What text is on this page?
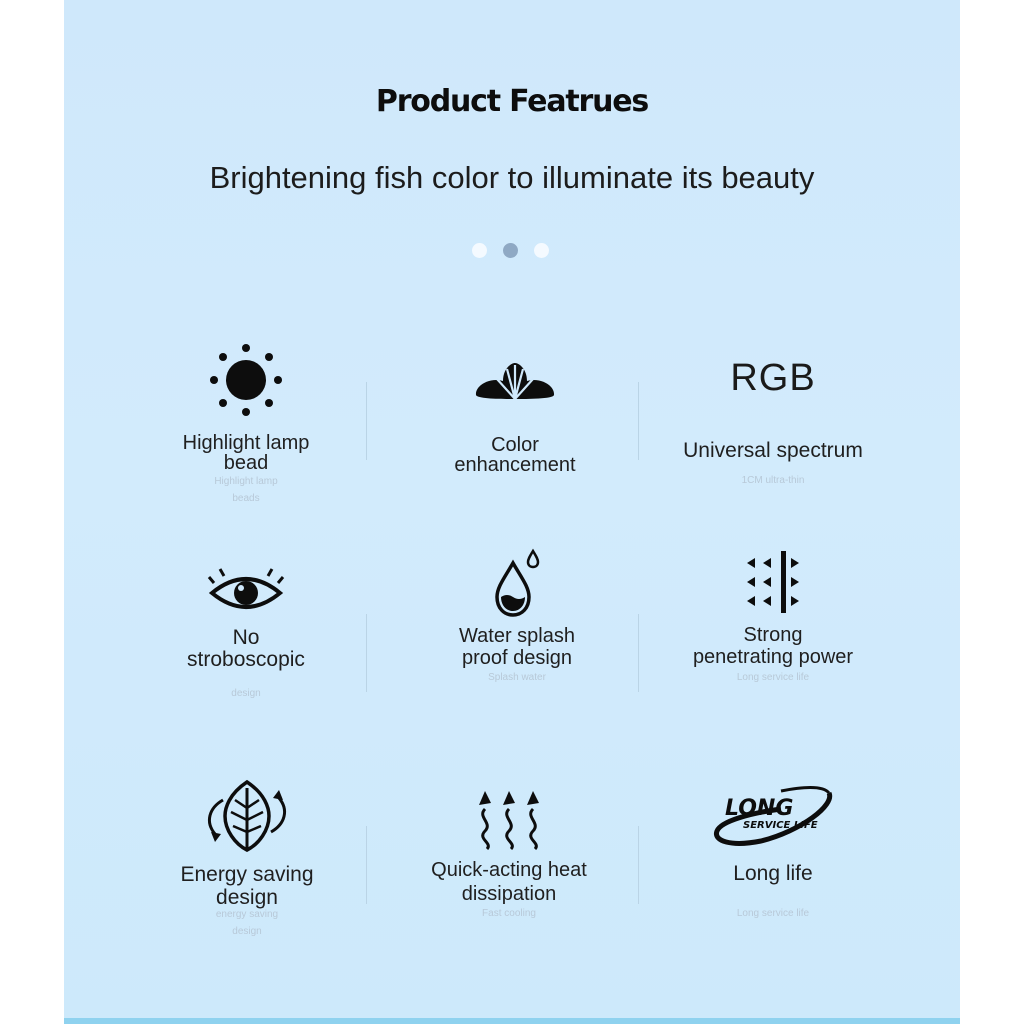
Product Featrues
Brightening fish color to illuminate its beauty
Highlight lamp
bead
Highlight lamp
beads
Color
enhancement
RGB
Universal spectrum
1CM ultra-thin
No
stroboscopic
design
Water splash
proof design
Splash water
Strong
penetrating power
Long service life
Energy saving
design
energy saving
design
Quick-acting heat
dissipation
Fast cooling
LONG
SERVICE LIFE
Long life
Long service life
